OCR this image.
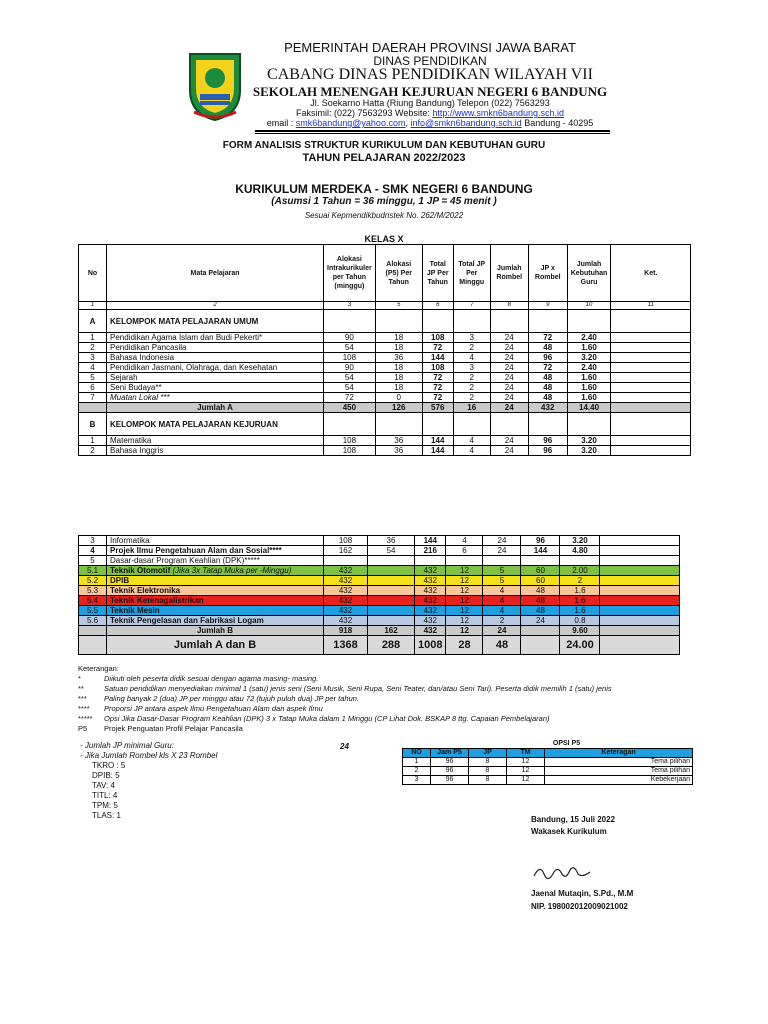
PEMERINTAH DAERAH PROVINSI JAWA BARAT
DINAS PENDIDIKAN
CABANG DINAS PENDIDIKAN WILAYAH VII
SEKOLAH MENENGAH KEJURUAN NEGERI 6 BANDUNG
Jl. Soekarno Hatta (Riung Bandung) Telepon (022) 7563293
Faksimil: (022) 7563293 Website: http://www.smkn6bandung.sch.id
email : smk6bandung@yahoo.com, info@smkn6bandung.sch.id Bandung - 40295
FORM ANALISIS STRUKTUR KURIKULUM DAN KEBUTUHAN GURU
TAHUN PELAJARAN 2022/2023
KURIKULUM MERDEKA - SMK NEGERI 6 BANDUNG
(Asumsi 1 Tahun = 36 minggu, 1 JP = 45 menit )
Sesuai Kepmendikbudristek No. 262/M/2022
KELAS X
No	Mata Pelajaran	Alokasi Intrakurikuler per Tahun (minggu)	Alokasi (P5) Per Tahun	Total JP Per Tahun	Total JP Per Minggu	Jumlah Rombel	JP x Rombel	Jumlah Kebutuhan Guru	Ket.
1	2	3	5	6	7	8	9	10	11
A	KELOMPOK MATA PELAJARAN UMUM								
1	Pendidikan Agama Islam dan Budi Pekerti*	90	18	108	3	24	72	2.40	
2	Pendidikan Pancasila	54	18	72	2	24	48	1.60	
3	Bahasa Indonesia	108	36	144	4	24	96	3.20	
4	Pendidikan Jasmani, Olahraga, dan Kesehatan	90	18	108	3	24	72	2.40	
5	Sejarah	54	18	72	2	24	48	1.60	
6	Seni Budaya**	54	18	72	2	24	48	1.60	
7	Muatan Lokal ***	72	0	72	2	24	48	1.60	
	Jumlah A	450	126	576	16	24	432	14.40	
B	KELOMPOK MATA PELAJARAN KEJURUAN								
1	Matematika	108	36	144	4	24	96	3.20	
2	Bahasa Inggris	108	36	144	4	24	96	3.20	
3	Informatika	108	36	144	4	24	96	3.20	
4	Projek Ilmu Pengetahuan Alam dan Sosial****	162	54	216	6	24	144	4.80	
5	Dasar-dasar Program Keahlian (DPK)*****								
5.1	Teknik Otomotif (Jika 3x Tatap Muka per -Minggu)	432		432	12	5	60	2.00	
5.2	DPIB	432		432	12	5	60	2	
5.3	Teknik Elektronika	432		432	12	4	48	1.6	
5.4	Teknik Ketenagalistrikan	432		432	12	4	48	1.6	
5.5	Teknik Mesin	432		432	12	4	48	1.6	
5.6	Teknik Pengelasan dan Fabrikasi Logam	432		432	12	2	24	0.8	
	Jumlah B	918	162	432	12	24		9.60	
	Jumlah A dan B	1368	288	1008	28	48		24.00	
Keterangan:
*	Diikuti oleh peserta didik sesuai dengan agama masing- masing.
**	Satuan pendidikan menyediakan minimal 1 (satu) jenis seni (Seni Musik, Seni Rupa, Seni Teater, dan/atau Seni Tari). Peserta didik memilih 1 (satu) jenis
*** Paling banyak 2 (dua) JP per minggu atau 72 (tujuh puluh dua) JP per tahun.
**** Proporsi JP antara aspek Ilmu Pengetahuan Alam dan aspek Ilmu
***** Opsi Jika Dasar-Dasar Program Keahlian (DPK) 3 x Tatap Muka dalam 1 Minggu (CP Lihat Dok. BSKAP 8 ttg. Capaian Pembelajaran)
P5 Projek Penguatan Profil Pelajar Pancasila
- Jumlah JP minimal Guru:
- Jika Jumlah Rombel kls X 23 Rombel
TKRO : 5
DPIB: 5
TAV: 4
TITL: 4
TPM: 5
TLAS: 1
24	OPSI P5				
NO	Jam P5	JP	TM	Keteragan
1	96	8	12	Tema pilihan
2	96	8	12	Tema pilihan
3	96	8	12	Kebekerjaan
Bandung, 15 Juli 2022
Wakasek Kurikulum
Jaenal Mutaqin, S.Pd., M.M
NIP. 198002012009021002
